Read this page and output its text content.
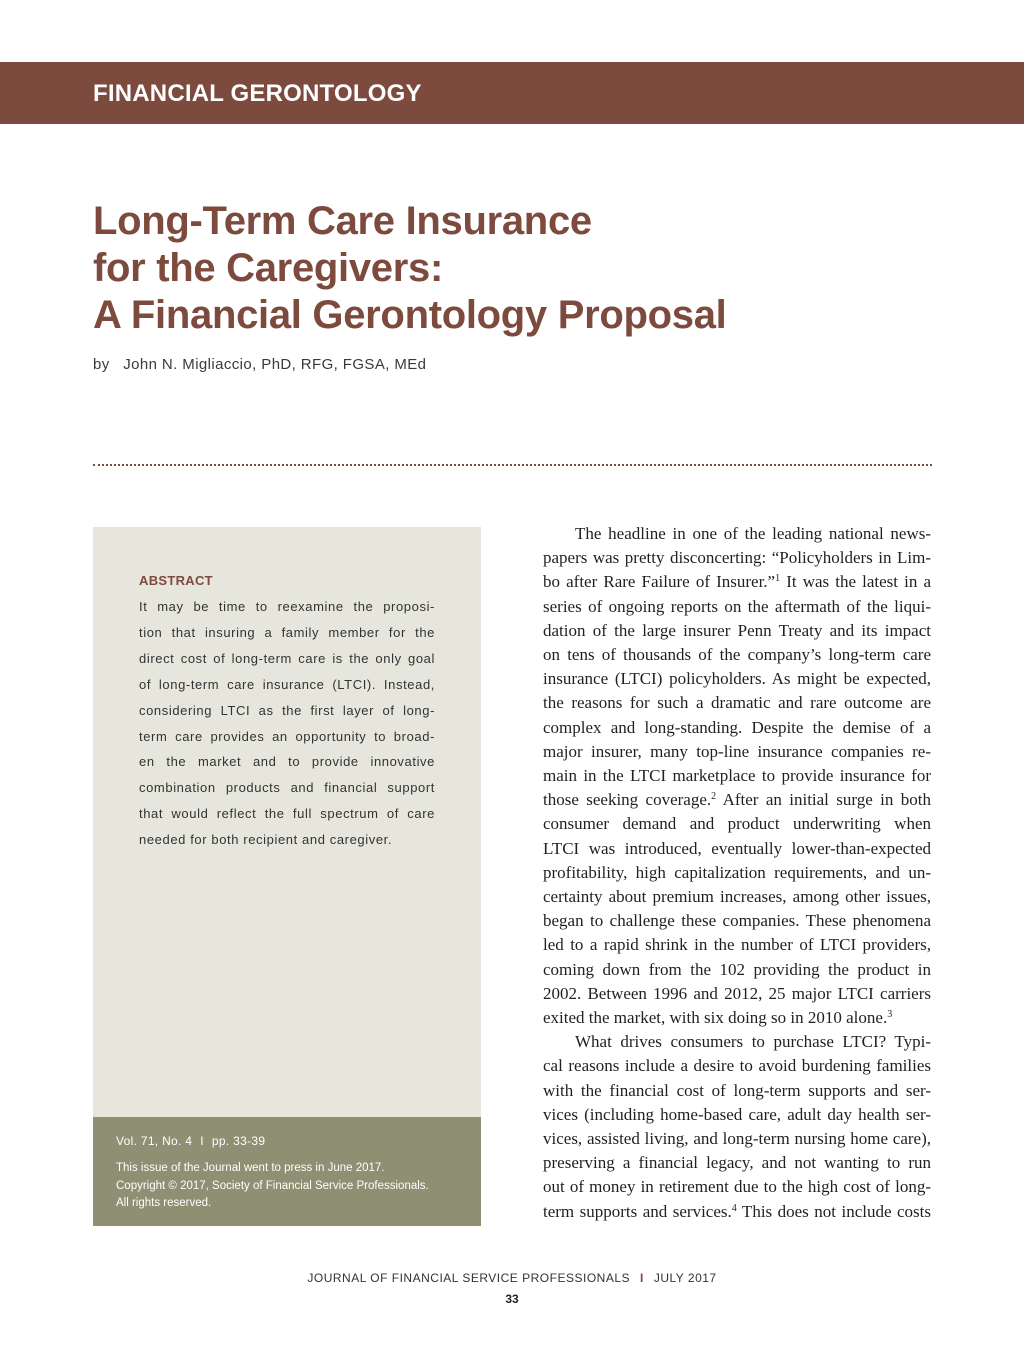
FINANCIAL GERONTOLOGY
Long-Term Care Insurance
for the Caregivers:
A Financial Gerontology Proposal
by John N. Migliaccio, PhD, RFG, FGSA, MEd
ABSTRACT
It may be time to reexamine the proposi-
tion that insuring a family member for the
direct cost of long-term care is the only goal
of long-term care insurance (LTCI). Instead,
considering LTCI as the first layer of long-
term care provides an opportunity to broad-
en the market and to provide innovative
combination products and financial support
that would reflect the full spectrum of care
needed for both recipient and caregiver.
Vol. 71, No. 4 I pp. 33-39
This issue of the Journal went to press in June 2017.
Copyright © 2017, Society of Financial Service Professionals.
All rights reserved.
The headline in one of the leading national news-
papers was pretty disconcerting: “Policyholders in Lim-
bo after Rare Failure of Insurer.”$^1$ It was the latest in a
series of ongoing reports on the aftermath of the liqui-
dation of the large insurer Penn Treaty and its impact
on tens of thousands of the company’s long-term care
insurance (LTCI) policyholders. As might be expected,
the reasons for such a dramatic and rare outcome are
complex and long-standing. Despite the demise of a
major insurer, many top-line insurance companies re-
main in the LTCI marketplace to provide insurance for
those seeking coverage.$^2$ After an initial surge in both
consumer demand and product underwriting when
LTCI was introduced, eventually lower-than-expected
profitability, high capitalization requirements, and un-
certainty about premium increases, among other issues,
began to challenge these companies. These phenomena
led to a rapid shrink in the number of LTCI providers,
coming down from the 102 providing the product in
2002. Between 1996 and 2012, 25 major LTCI carriers
exited the market, with six doing so in 2010 alone.$^3$
What drives consumers to purchase LTCI? Typi-
cal reasons include a desire to avoid burdening families
with the financial cost of long-term supports and ser-
vices (including home-based care, adult day health ser-
vices, assisted living, and long-term nursing home care),
preserving a financial legacy, and not wanting to run
out of money in retirement due to the high cost of long-
term supports and services.$^4$ This does not include costs
JOURNAL OF FINANCIAL SERVICE PROFESSIONALS I JULY 2017
33
